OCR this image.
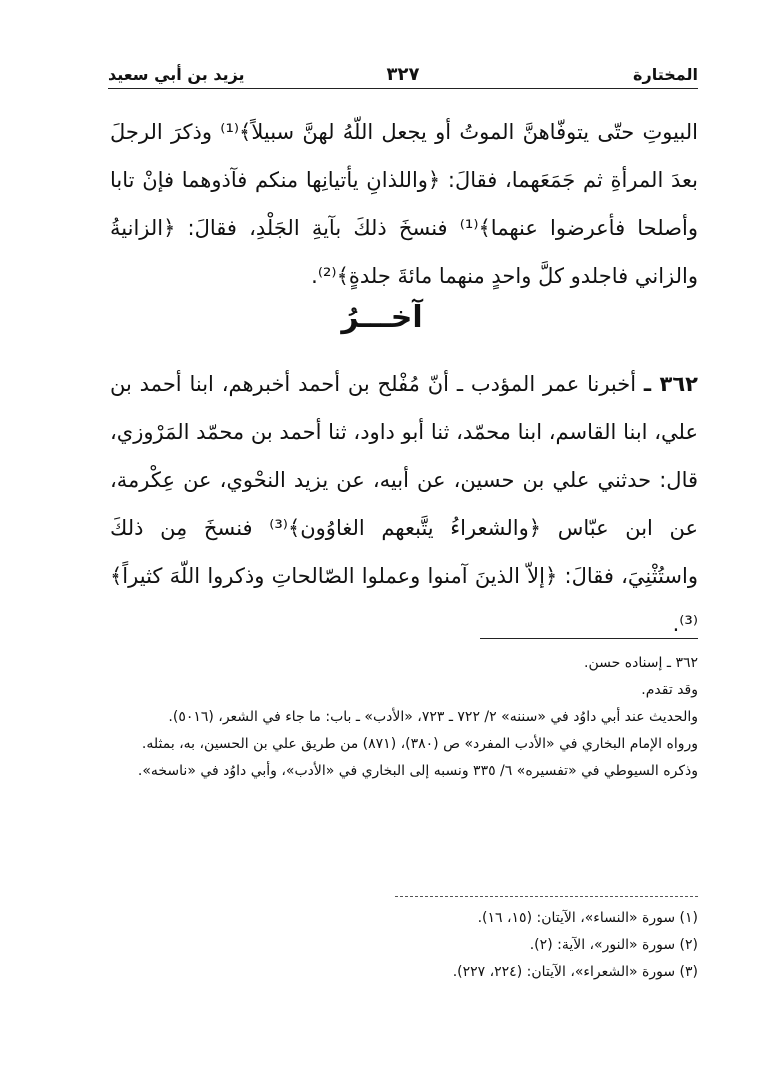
المختارة
٣٢٧
يزيد بن أبي سعيد
البيوتِ حتّى يتوفّاهنَّ الموتُ أو يجعل اللّهُ لهنَّ سبيلاً﴾⁽¹⁾ وذكرَ الرجلَ بعدَ المرأةِ ثم جَمَعَهما، فقالَ: ﴿واللذانِ يأتيانِها منكم فآذوهما فإنْ تابا وأصلحا فأعرضوا عنهما﴾⁽¹⁾ فنسخَ ذلكَ بآيةِ الجَلْدِ، فقالَ: ﴿الزانيةُ والزاني فاجلدو كلَّ واحدٍ منهما مائةَ جلدةٍ﴾⁽²⁾.
آخـــرُ
٣٦٢ ـ أخبرنا عمر المؤدب ـ أنّ مُفْلح بن أحمد أخبرهم، ابنا أحمد بن علي، ابنا القاسم، ابنا محمّد، ثنا أبو داود، ثنا أحمد بن محمّد المَرْوزي، قال: حدثني علي بن حسين، عن أبيه، عن يزيد النحْوي، عن عِكْرمة، عن ابن عبّاس ﴿والشعراءُ يتَّبعهم الغاوُون﴾⁽³⁾ فنسخَ مِن ذلكَ واستُثْنِيَ، فقالَ: ﴿إلاّ الذينَ آمنوا وعملوا الصّالحاتِ وذكروا اللّهَ كثيراً﴾⁽³⁾.
٣٦٢ ـ إسناده حسن.
وقد تقدم.
والحديث عند أبي داوُد في «سننه» ٢/ ٧٢٢ ـ ٧٢٣، «الأدب» ـ باب: ما جاء في الشعر، (٥٠١٦).
ورواه الإمام البخاري في «الأدب المفرد» ص (٣٨٠)، (٨٧١) من طريق علي بن الحسين، به، بمثله.
وذكره السيوطي في «تفسيره» ٦/ ٣٣٥ ونسبه إلى البخاري في «الأدب»، وأبي داوُد في «ناسخه».
(١) سورة «النساء»، الآيتان: (١٥، ١٦).
(٢) سورة «النور»، الآية: (٢).
(٣) سورة «الشعراء»، الآيتان: (٢٢٤، ٢٢٧).
